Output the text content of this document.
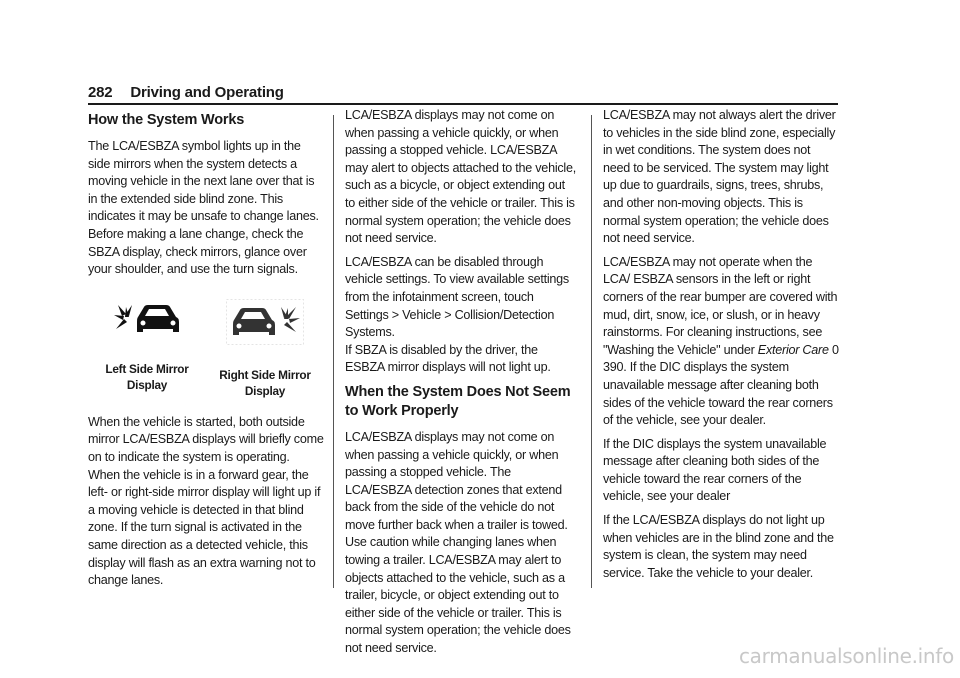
282 Driving and Operating
How the System Works

The LCA/ESBZA symbol lights up in the side mirrors when the system detects a moving vehicle in the next lane over that is in the extended side blind zone. This indicates it may be unsafe to change lanes. Before making a lane change, check the SBZA display, check mirrors, glance over your shoulder, and use the turn signals.

Left Side Mirror
Display
Right Side Mirror
Display

When the vehicle is started, both outside mirror LCA/ESBZA displays will briefly come on to indicate the system is operating. When the vehicle is in a forward gear, the left- or right-side mirror display will light up if a moving vehicle is detected in that blind zone. If the turn signal is activated in the same direction as a detected vehicle, this display will flash as an extra warning not to change lanes.

LCA/ESBZA displays may not come on when passing a vehicle quickly, or when passing a stopped vehicle. LCA/ESBZA may alert to objects attached to the vehicle, such as a bicycle, or object extending out to either side of the vehicle or trailer. This is normal system operation; the vehicle does not need service.

LCA/ESBZA can be disabled through vehicle settings. To view available settings from the infotainment screen, touch Settings > Vehicle > Collision/Detection Systems.
If SBZA is disabled by the driver, the ESBZA mirror displays will not light up.

When the System Does Not Seem to Work Properly

LCA/ESBZA displays may not come on when passing a vehicle quickly, or when passing a stopped vehicle. The LCA/ESBZA detection zones that extend back from the side of the vehicle do not move further back when a trailer is towed. Use caution while changing lanes when towing a trailer. LCA/ESBZA may alert to objects attached to the vehicle, such as a trailer, bicycle, or object extending out to either side of the vehicle or trailer. This is normal system operation; the vehicle does not need service.

LCA/ESBZA may not always alert the driver to vehicles in the side blind zone, especially in wet conditions. The system does not need to be serviced. The system may light up due to guardrails, signs, trees, shrubs, and other non-moving objects. This is normal system operation; the vehicle does not need service.

LCA/ESBZA may not operate when the LCA/ ESBZA sensors in the left or right corners of the rear bumper are covered with mud, dirt, snow, ice, or slush, or in heavy rainstorms. For cleaning instructions, see "Washing the Vehicle" under Exterior Care 0 390. If the DIC displays the system unavailable message after cleaning both sides of the vehicle toward the rear corners of the vehicle, see your dealer.

If the DIC displays the system unavailable message after cleaning both sides of the vehicle toward the rear corners of the vehicle, see your dealer

If the LCA/ESBZA displays do not light up when vehicles are in the blind zone and the system is clean, the system may need service. Take the vehicle to your dealer.

carmanualsonline.info
